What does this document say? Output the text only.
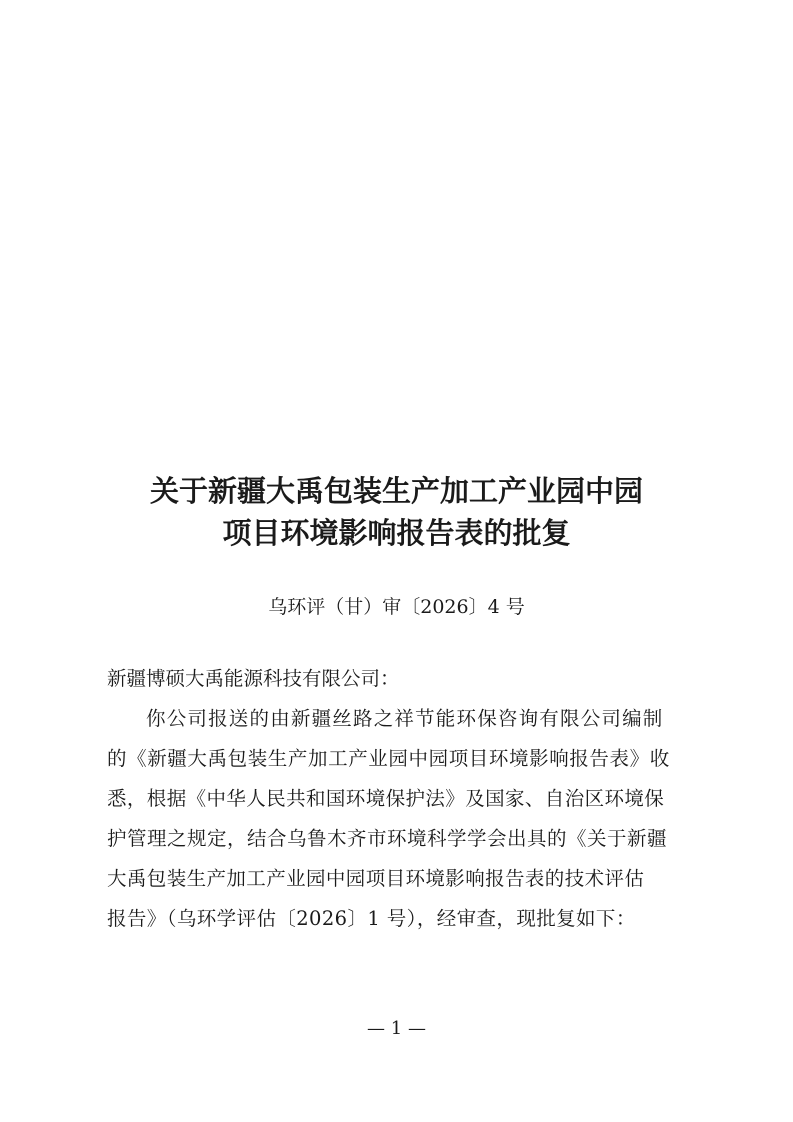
关于新疆大禹包装生产加工产业园中园
项目环境影响报告表的批复
乌环评（甘）审〔2026〕4 号
新疆博硕大禹能源科技有限公司：
你公司报送的由新疆丝路之祥节能环保咨询有限公司编制
的《新疆大禹包装生产加工产业园中园项目环境影响报告表》收
悉，根据《中华人民共和国环境保护法》及国家、自治区环境保
护管理之规定，结合乌鲁木齐市环境科学学会出具的《关于新疆
大禹包装生产加工产业园中园项目环境影响报告表的技术评估
报告》（乌环学评估〔2026〕1 号），经审查，现批复如下：
— 1 —
